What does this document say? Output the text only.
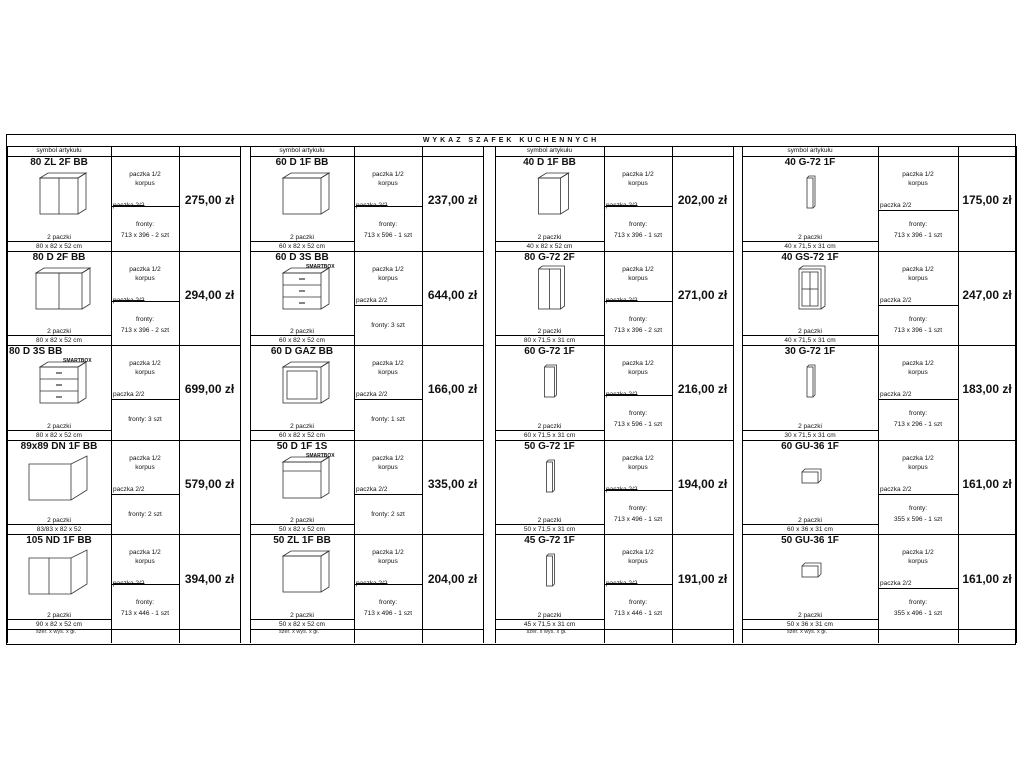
WYKAZ SZAFEK KUCHENNYCH
symbol artykułu
80 ZL 2F BB
2 paczki
80 x 82 x 52 cm
paczka 1/2
korpus
paczka 2/2
fronty:
713 x 396 - 2 szt
275,00 zł
80 D 2F BB
2 paczki
80 x 82 x 52 cm
paczka 1/2
korpus
paczka 2/2
fronty:
713 x 396 - 2 szt
294,00 zł
80 D 3S BB
SMARTBOX
2 paczki
80 x 82 x 52 cm
paczka 1/2
korpus
paczka 2/2
fronty: 3 szt
699,00 zł
89x89 DN 1F BB
2 paczki
83/83 x 82 x 52
paczka 1/2
korpus
paczka 2/2
fronty: 2 szt
579,00 zł
105 ND 1F BB
2 paczki
90 x 82 x 52 cm
paczka 1/2
korpus
paczka 2/2
fronty:
713 x 446 - 1 szt
394,00 zł
symbol artykułu
60 D 1F BB
2 paczki
60 x 82 x 52 cm
paczka 1/2
korpus
paczka 2/2
fronty:
713 x 596 - 1 szt
237,00 zł
60 D 3S BB
SMARTBOX
2 paczki
60 x 82 x 52 cm
paczka 1/2
korpus
paczka 2/2
fronty: 3 szt
644,00 zł
60 D GAZ BB
2 paczki
60 x 82 x 52 cm
paczka 1/2
korpus
paczka 2/2
fronty: 1 szt
166,00 zł
50 D 1F 1S
SMARTBOX
2 paczki
50 x 82 x 52 cm
paczka 1/2
korpus
paczka 2/2
fronty: 2 szt
335,00 zł
50 ZL 1F BB
2 paczki
50 x 82 x 52 cm
paczka 1/2
korpus
paczka 2/2
fronty:
713 x 496 - 1 szt
204,00 zł
symbol artykułu
40 D 1F BB
2 paczki
40 x 82 x 52 cm
paczka 1/2
korpus
paczka 2/2
fronty:
713 x 396 - 1 szt
202,00 zł
80 G-72 2F
2 paczki
80 x 71,5 x 31 cm
paczka 1/2
korpus
paczka 2/2
fronty:
713 x 396 - 2 szt
271,00 zł
60 G-72 1F
2 paczki
60 x 71,5 x 31 cm
paczka 1/2
korpus
paczka 2/2
fronty:
713 x 596 - 1 szt
216,00 zł
50 G-72 1F
2 paczki
50 x 71,5 x 31 cm
paczka 1/2
korpus
paczka 2/2
fronty:
713 x 496 - 1 szt
194,00 zł
45 G-72 1F
2 paczki
45 x 71,5 x 31 cm
paczka 1/2
korpus
paczka 2/2
fronty:
713 x 446 - 1 szt
191,00 zł
symbol artykułu
40 G-72 1F
2 paczki
40 x 71,5 x 31 cm
paczka 1/2
korpus
paczka 2/2
fronty:
713 x 396 - 1 szt
175,00 zł
40 GS-72 1F
2 paczki
40 x 71,5 x 31 cm
paczka 1/2
korpus
paczka 2/2
fronty:
713 x 396 - 1 szt
247,00 zł
30 G-72 1F
2 paczki
30 x 71,5 x 31 cm
paczka 1/2
korpus
paczka 2/2
fronty:
713 x 296 - 1 szt
183,00 zł
60 GU-36 1F
2 paczki
60 x 36 x 31 cm
paczka 1/2
korpus
paczka 2/2
fronty:
355 x 596 - 1 szt
161,00 zł
50 GU-36 1F
2 paczki
50 x 36 x 31 cm
paczka 1/2
korpus
paczka 2/2
fronty:
355 x 496 - 1 szt
161,00 zł
szer. x wys. x gł.	szer. x wys. x gł.	szer. x wys. x gł.	szer. x wys. x gł.
